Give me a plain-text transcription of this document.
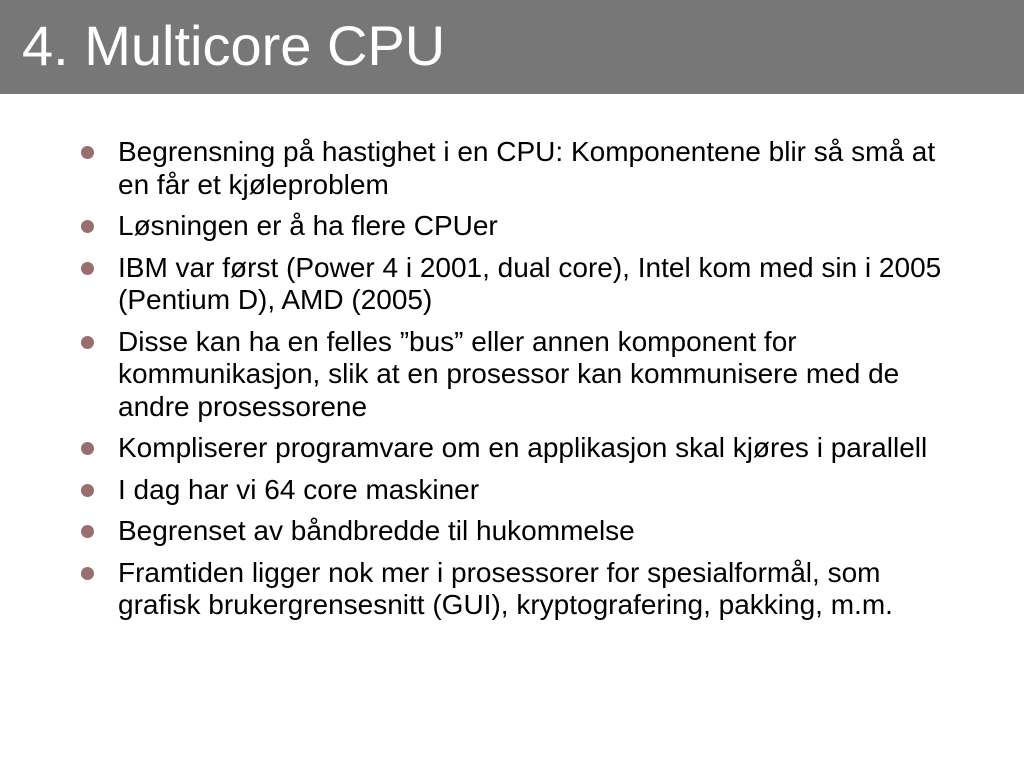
4. Multicore CPU
Begrensning på hastighet i en CPU: Komponentene blir så små at en får et kjøleproblem
Løsningen er å ha flere CPUer
IBM var først (Power 4 i 2001, dual core), Intel kom med sin i 2005 (Pentium D), AMD (2005)
Disse kan ha en felles ”bus” eller annen komponent for kommunikasjon, slik at en prosessor kan kommunisere med de andre prosessorene
Kompliserer programvare om en applikasjon skal kjøres i parallell
I dag har vi 64 core maskiner
Begrenset av båndbredde til hukommelse
Framtiden ligger nok mer i prosessorer for spesialformål, som grafisk brukergrensesnitt (GUI), kryptografering, pakking, m.m.
